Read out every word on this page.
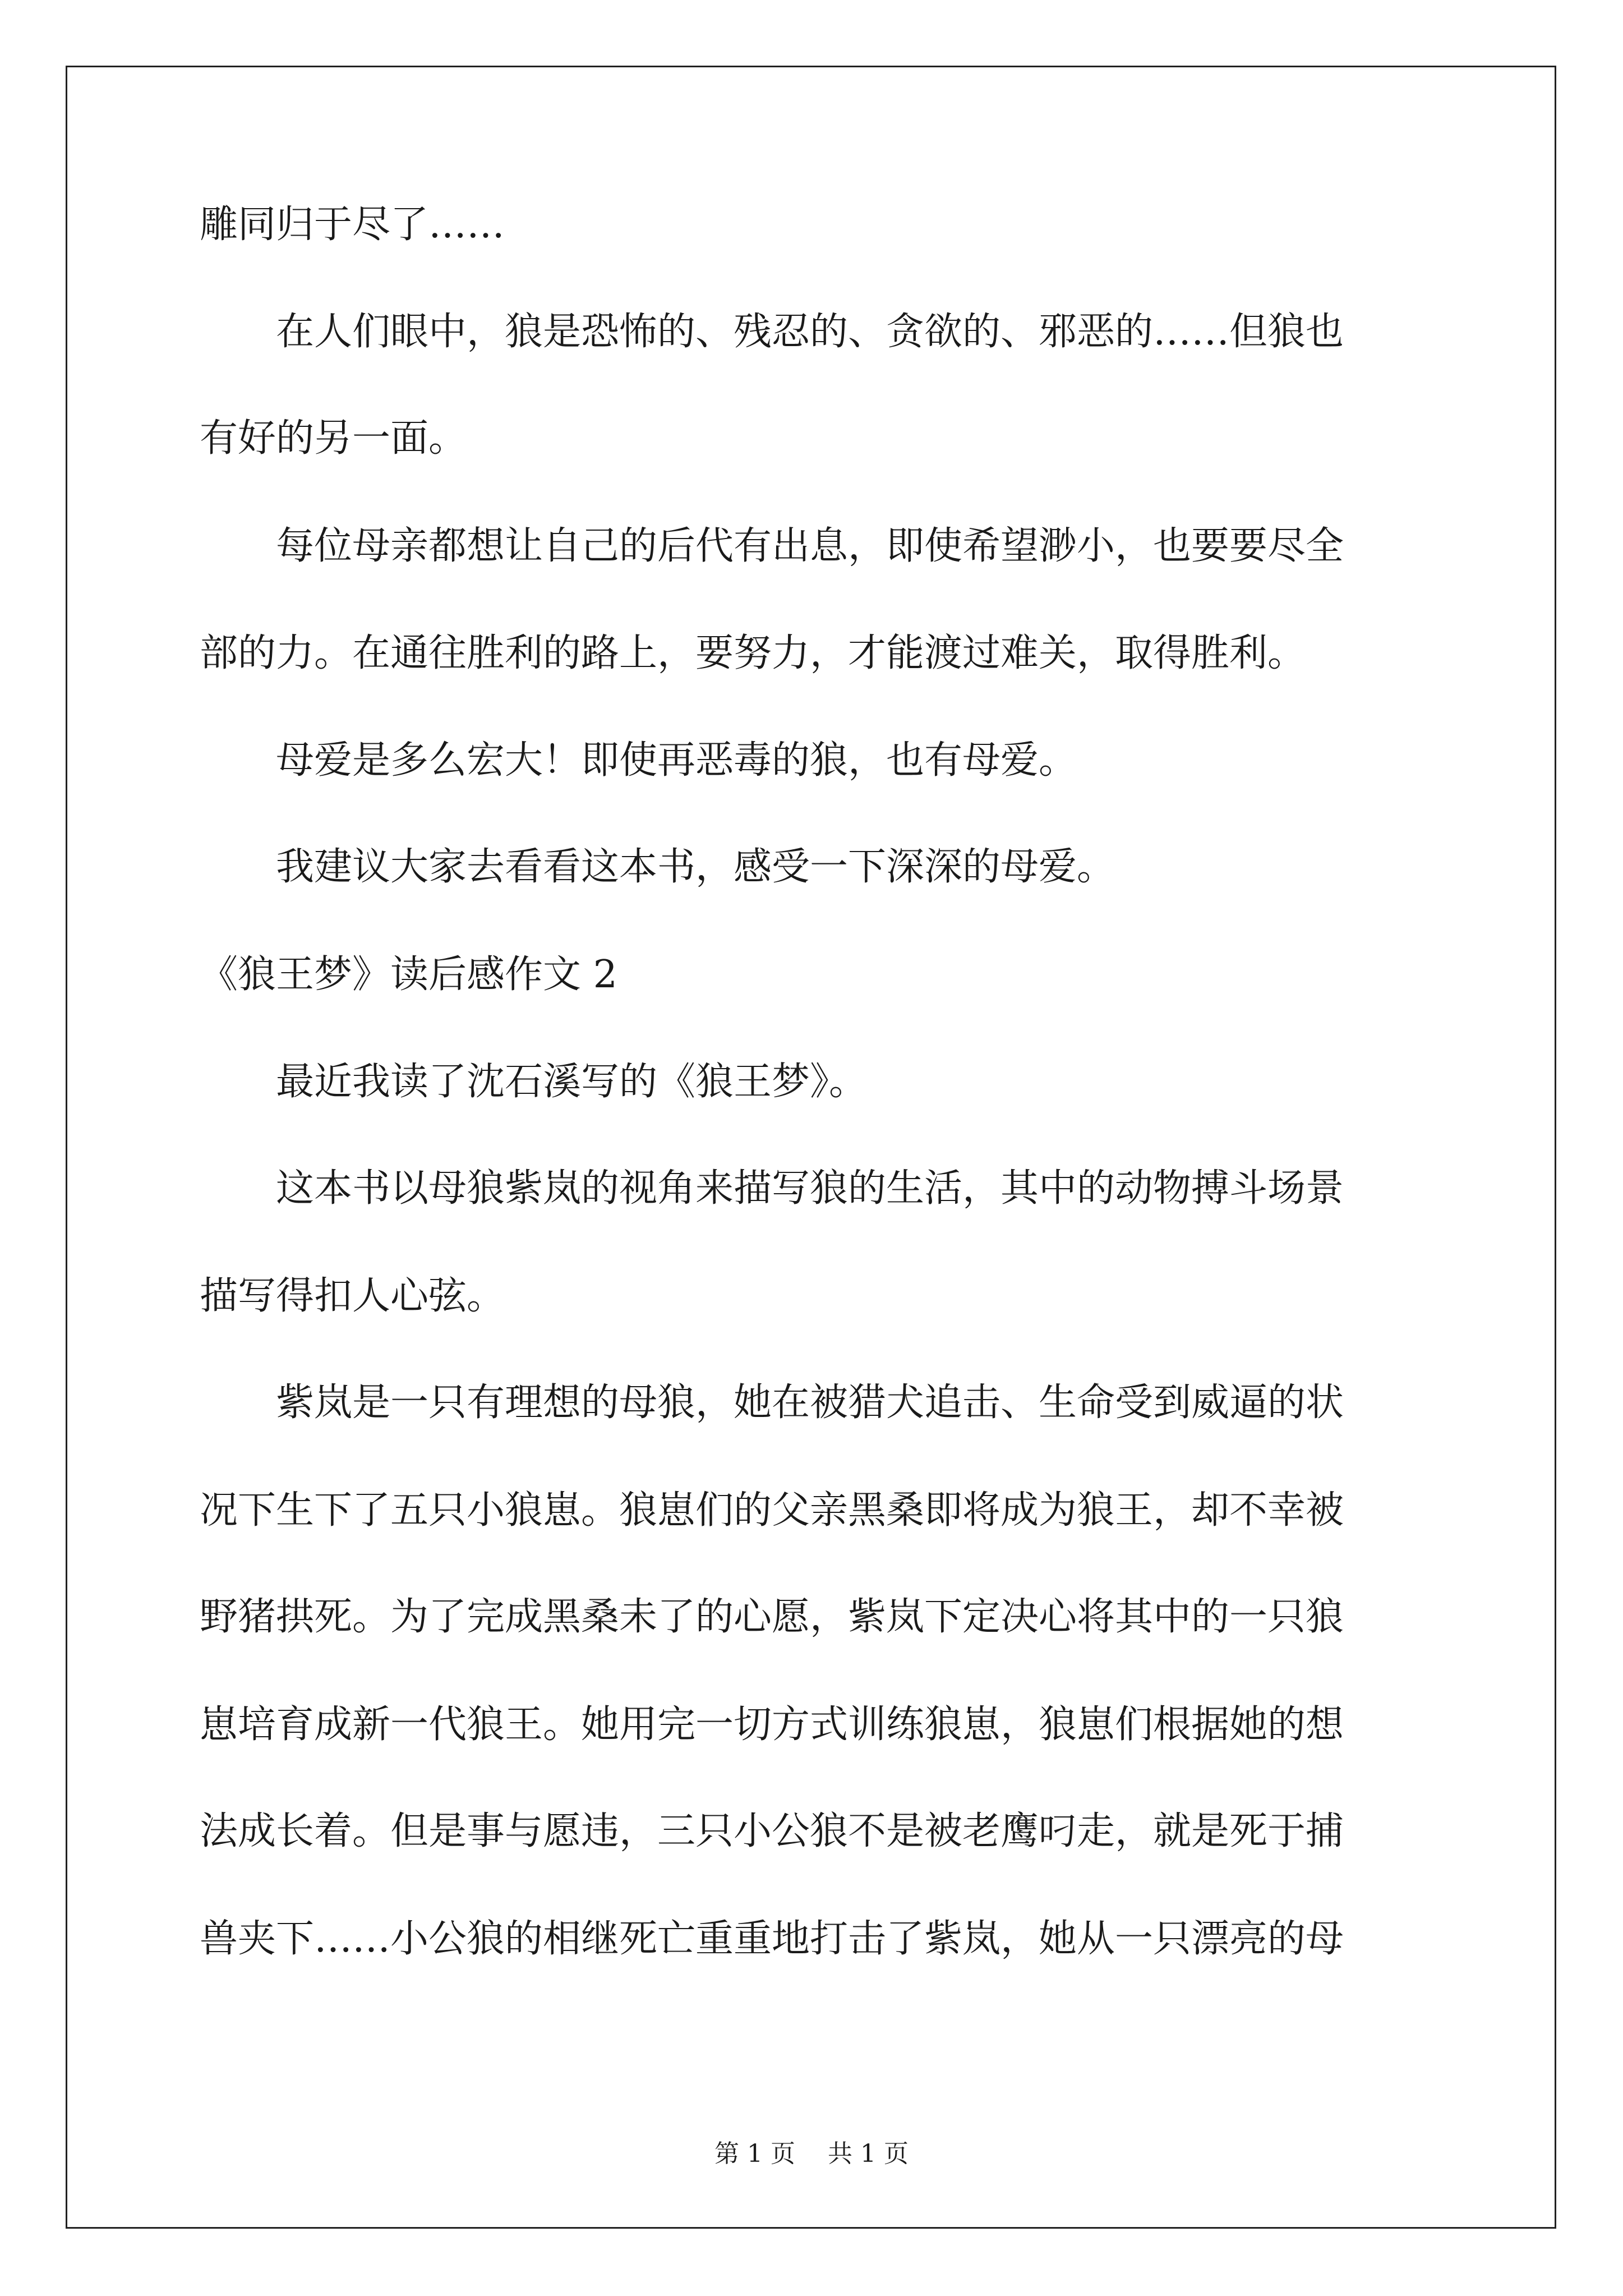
雕同归于尽了……

　　在人们眼中，狼是恐怖的、残忍的、贪欲的、邪恶的……但狼也

有好的另一面。

　　每位母亲都想让自己的后代有出息，即使希望渺小，也要要尽全

部的力。在通往胜利的路上，要努力，才能渡过难关，取得胜利。

　　母爱是多么宏大！即使再恶毒的狼，也有母爱。

　　我建议大家去看看这本书，感受一下深深的母爱。

《狼王梦》读后感作文 2

　　最近我读了沈石溪写的《狼王梦》。

　　这本书以母狼紫岚的视角来描写狼的生活，其中的动物搏斗场景

描写得扣人心弦。

　　紫岚是一只有理想的母狼，她在被猎犬追击、生命受到威逼的状

况下生下了五只小狼崽。狼崽们的父亲黑桑即将成为狼王，却不幸被

野猪拱死。为了完成黑桑未了的心愿，紫岚下定决心将其中的一只狼

崽培育成新一代狼王。她用完一切方式训练狼崽，狼崽们根据她的想

法成长着。但是事与愿违，三只小公狼不是被老鹰叼走，就是死于捕

兽夹下……小公狼的相继死亡重重地打击了紫岚，她从一只漂亮的母

第 1 页　 共 1 页
